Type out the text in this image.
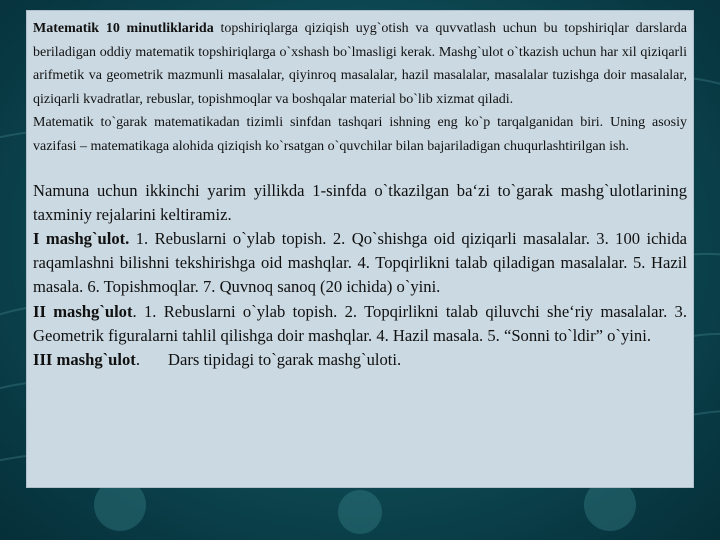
Matematik 10 minutliklarida topshiriqlarga qiziqish uyg`otish va quvvatlash uchun bu topshiriqlar darslarda beriladigan oddiy matematik topshiriqlarga o`xshash bo`lmasligi kerak. Mashg`ulot o`tkazish uchun har xil qiziqarli arifmetik va geometrik mazmunli masalalar, qiyinroq masalalar, hazil masalalar, masalalar tuzishga doir masalalar, qiziqarli kvadratlar, rebuslar, topishmoqlar va boshqalar material bo`lib xizmat qiladi.

Matematik to`garak matematikadan tizimli sinfdan tashqari ishning eng ko`p tarqalganidan biri. Uning asosiy vazifasi – matematikaga alohida qiziqish ko`rsatgan o`quvchilar bilan bajariladigan chuqurlashtirilgan ish.

Namuna uchun ikkinchi yarim yillikda 1-sinfda o`tkazilgan ba‘zi to`garak mashg`ulotlarining taxminiy rejalarini keltiramiz.

I mashg`ulot. 1. Rebuslarni o`ylab topish. 2. Qo`shishga oid qiziqarli masalalar. 3. 100 ichida raqamlashni bilishni tekshirishga oid mashqlar. 4. Topqirlikni talab qiladigan masalalar. 5. Hazil masala. 6. Topishmoqlar. 7. Quvnoq sanoq (20 ichida) o`yini.

II mashg`ulot. 1. Rebuslarni o`ylab topish. 2. Topqirlikni talab qiluvchi she‘riy masalalar. 3. Geometrik figuralarni tahlil qilishga doir mashqlar. 4. Hazil masala. 5. “Sonni to`ldir” o`yini.

III mashg`ulot. Dars tipidagi to`garak mashg`uloti.
